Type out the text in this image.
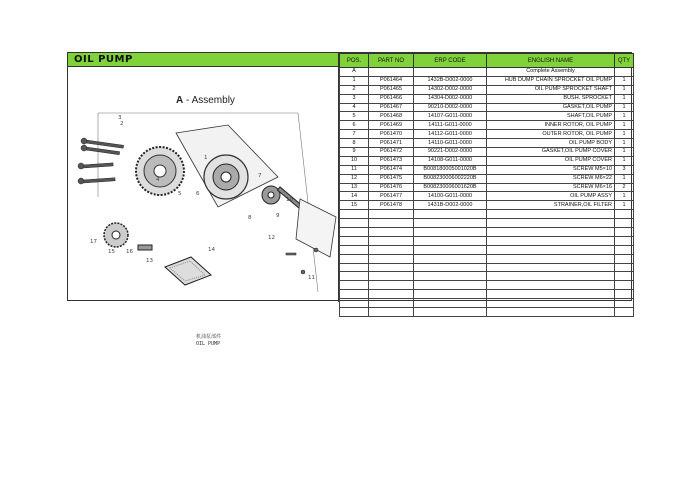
OIL PUMP
A - Assembly
1
2
3
4
5	6
7
8	9
10
11
12
13
14
15 16
17
机油泵部件
OIL PUMP
POS.	PART NO	ERP CODE	ENGLISH NAME	QTY
A			Complete Assembly	
1	P061464	1432B-D002-0000	HUB DUMP CHAIN SPROCKET OIL PUMP	1
2	P061465	14302-D002-0000	OIL PUMP SPROCKET SHAFT	1
3	P061466	14304-D002-0000	BUSH. SPROCKET	1
4	P061467	90210-D002-0000	GASKET,OIL PUMP	1
5	P061468	14107-G011-0000	SHAFT,OIL PUMP	1
6	P061469	14111-G011-0000	INNER ROTOR, OIL PUMP	1
7	P061470	14112-G011-0000	OUTER ROTOR, OIL PUMP	1
8	P061471	14110-G011-0000	OIL PUMP BODY	1
9	P061472	90221-D002-0000	GASKET,OIL PUMP COVER	1
10	P061473	14108-G011-0000	OIL PUMP COVER	1
11	P061474	B008180005001020B	SCREW M5×10	3
12	P061475	B008230006002220B	SCREW M6×22	1
13	P061476	B008230006001620B	SCREW M6×16	2
14	P061477	14100-G011-0000	OIL PUMP ASSY	1
15	P061478	1431B-D002-0000	STRAINER,OIL FILTER	1
